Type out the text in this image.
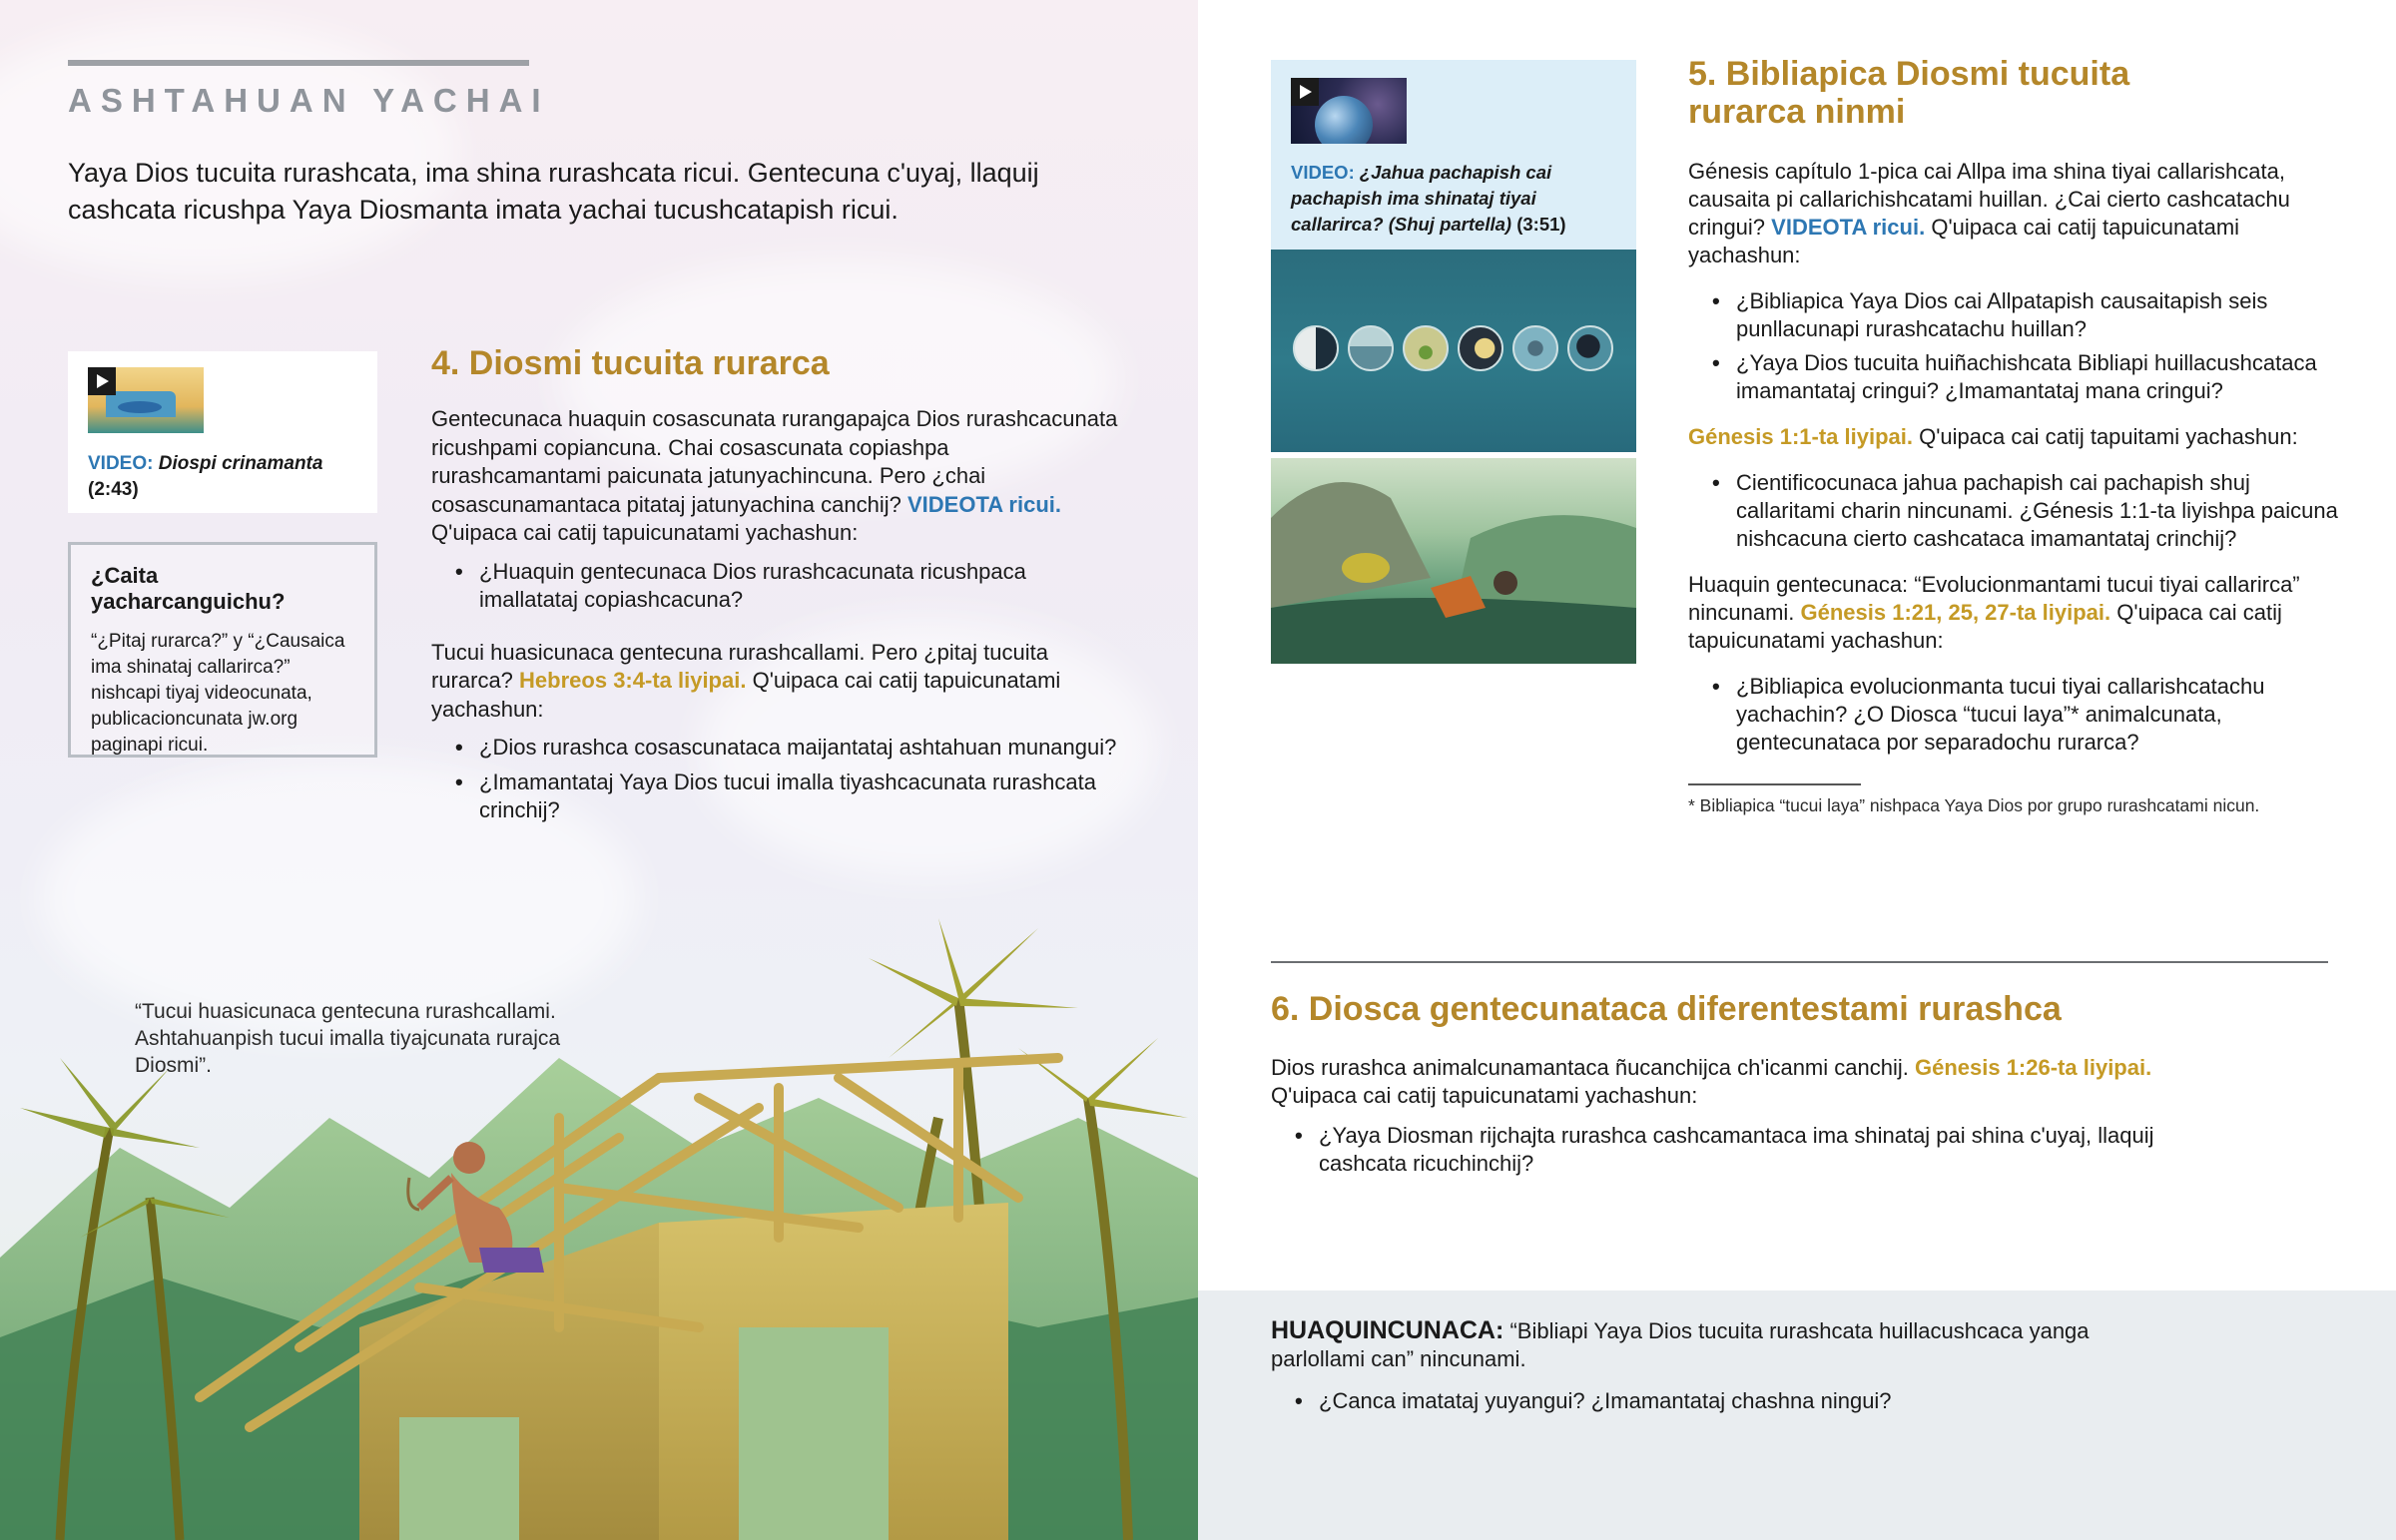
ASHTAHUAN YACHAI

Yaya Dios tucuita rurashcata, ima shina rurashcata ricui. Gentecuna c'uyaj, llaquij cashcata ricushpa Yaya Diosmanta imata yachai tucushcatapish ricui.

VIDEO: Diospi crinamanta
(2:43)
¿Caita yacharcanguichu?

“¿Pitaj rurarca?” y “¿Causaica ima shinataj callarirca?” nishcapi tiyaj videocunata, publicacioncunata jw.org paginapi ricui.

4. Diosmi tucuita rurarca

Gentecunaca huaquin cosascunata rurangapajca Dios rurashcacunata ricushpami copiancuna. Chai cosascunata copiashpa rurashcamantami paicunata jatunyachincuna. Pero ¿chai cosascunamantaca pitataj jatunyachina canchij? VIDEOTA ricui. Q'uipaca cai catij tapuicunatami yachashun:

• ¿Huaquin gentecunaca Dios rurashcacunata ricushpaca imallatataj copiashcacuna?

Tucui huasicunaca gentecuna rurashcallami. Pero ¿pitaj tucuita rurarca? Hebreos 3:4-ta liyipai. Q'uipaca cai catij tapuicunatami yachashun:

• ¿Dios rurashca cosascunataca maijantataj ashtahuan munangui?
• ¿Imamantataj Yaya Dios tucui imalla tiyashcacunata rurashcata crinchij?

“Tucui huasicunaca gentecuna rurashcallami. Ashtahuanpish tucui imalla tiyajcunata rurajca Diosmi”.

VIDEO: ¿Jahua pachapish cai pachapish ima shinataj tiyai callarirca? (Shuj partella) (3:51)
5. Bibliapica Diosmi tucuita rurarca ninmi

Génesis capítulo 1-pica cai Allpa ima shina tiyai callarishcata, causaita pi callarichishcatami huillan. ¿Cai cierto cashcatachu cringui? VIDEOTA ricui. Q'uipaca cai catij tapuicunatami yachashun:

• ¿Bibliapica Yaya Dios cai Allpatapish causaitapish seis punllacunapi rurashcatachu huillan?
• ¿Yaya Dios tucuita huiñachishcata Bibliapi huillacushcataca imamantataj cringui? ¿Imamantataj mana cringui?

Génesis 1:1-ta liyipai. Q'uipaca cai catij tapuitami yachashun:

• Cientificocunaca jahua pachapish cai pachapish shuj callaritami charin nincunami. ¿Génesis 1:1-ta liyishpa paicuna nishcacuna cierto cashcataca imamantataj crinchij?

Huaquin gentecunaca: “Evolucionmantami tucui tiyai callarirca” nincunami. Génesis 1:21, 25, 27-ta liyipai. Q'uipaca cai catij tapuicunatami yachashun:

• ¿Bibliapica evolucionmanta tucui tiyai callarishcatachu yachachin? ¿O Diosca “tucui laya”* animalcunata, gentecunataca por separadochu rurarca?

* Bibliapica “tucui laya” nishpaca Yaya Dios por grupo rurashcatami nicun.

6. Diosca gentecunataca diferentestami rurashca

Dios rurashca animalcunamantaca ñucanchijca ch'icanmi canchij. Génesis 1:26-ta liyipai.
Q'uipaca cai catij tapuicunatami yachashun:

• ¿Yaya Diosman rijchajta rurashca cashcamantaca ima shinataj pai shina c'uyaj, llaquij cashcata ricuchinchij?

HUAQUINCUNACA: “Bibliapi Yaya Dios tucuita rurashcata huillacushcaca yanga parlollami can” nincunami.

• ¿Canca imatataj yuyangui? ¿Imamantataj chashna ningui?
